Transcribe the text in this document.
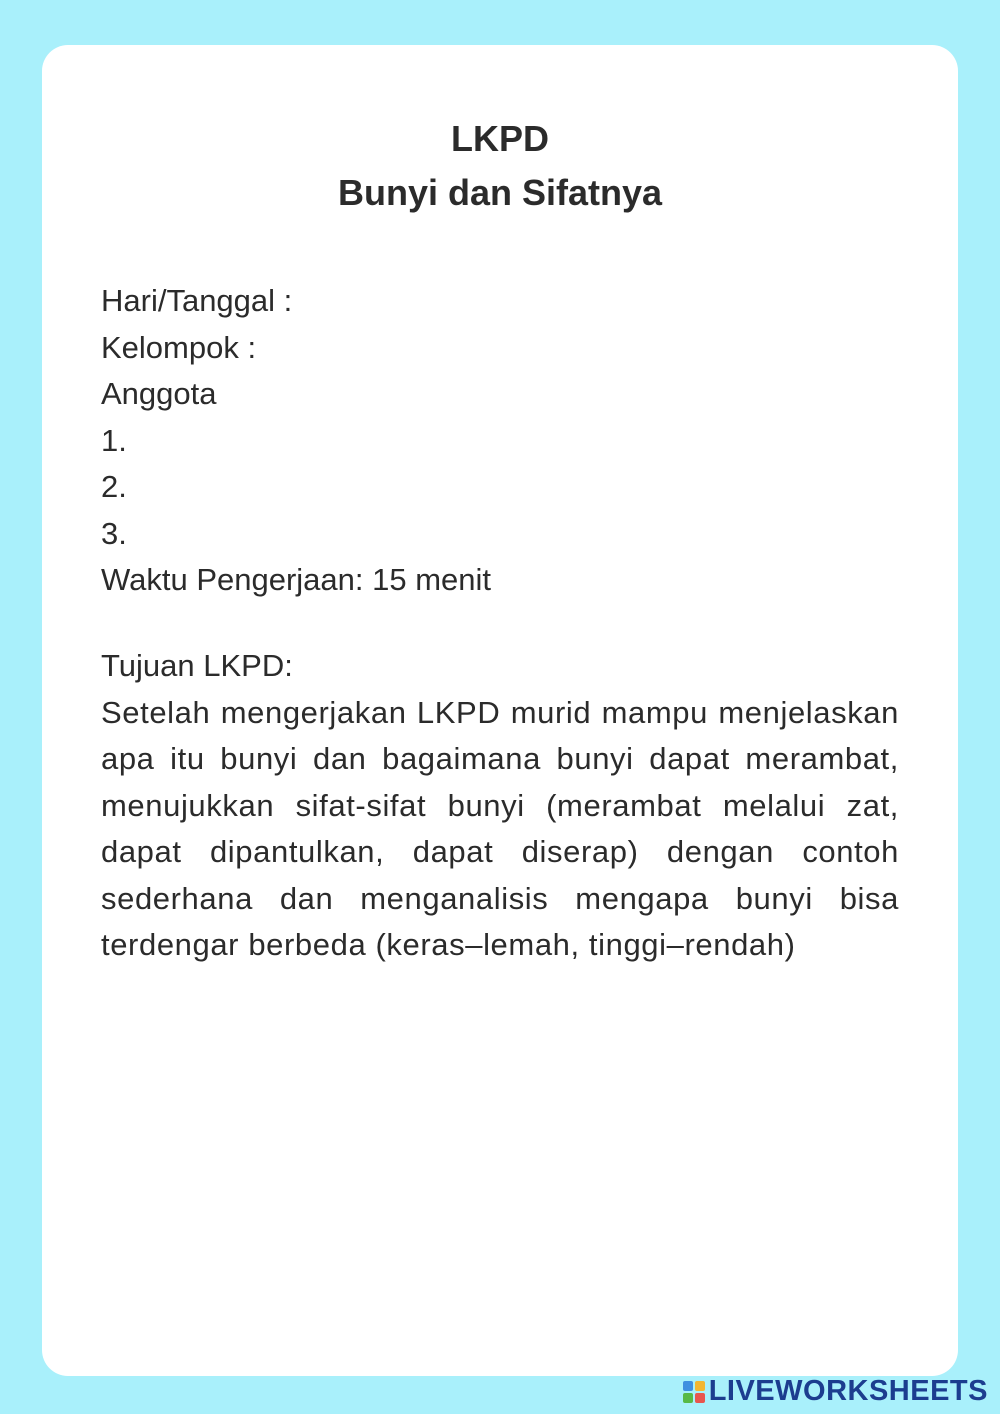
LKPD
Bunyi dan Sifatnya
Hari/Tanggal :
Kelompok :
Anggota
1.
2.
3.
Waktu Pengerjaan: 15 menit
Tujuan LKPD:
Setelah mengerjakan LKPD murid mampu menjelaskan apa itu bunyi dan bagaimana bunyi dapat merambat, menujukkan sifat-sifat bunyi (merambat melalui zat, dapat dipantulkan, dapat diserap) dengan contoh sederhana dan menganalisis mengapa bunyi bisa terdengar berbeda (keras–lemah, tinggi–rendah)
LIVEWORKSHEETS
